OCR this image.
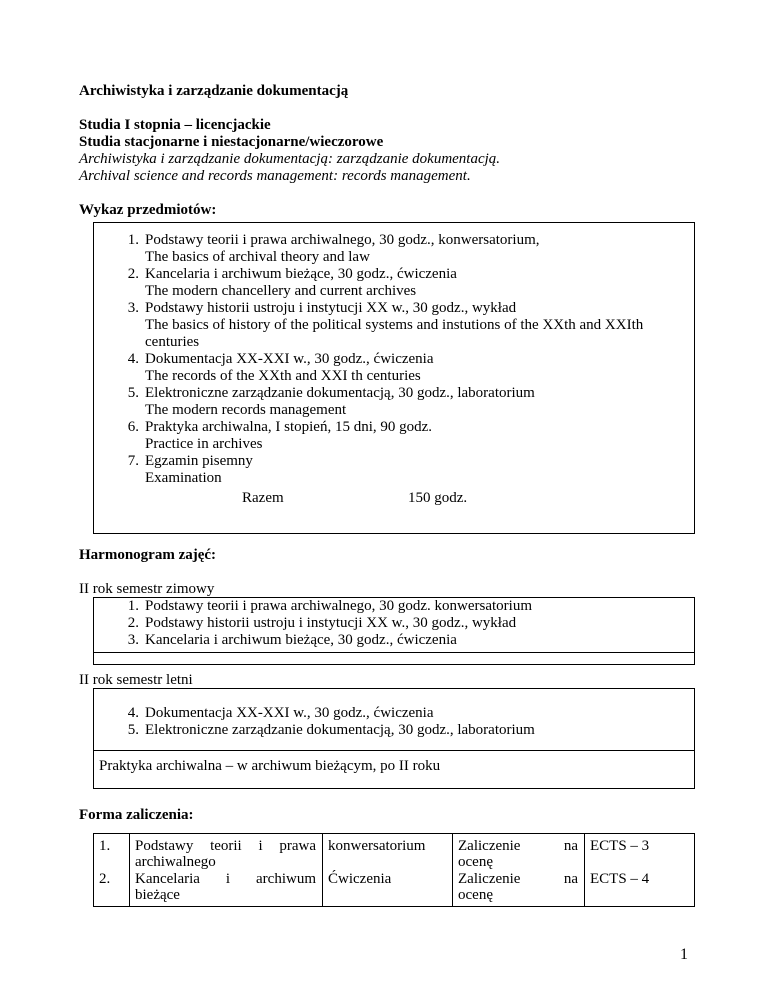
Archiwistyka i zarządzanie dokumentacją
Studia I stopnia – licencjackie
Studia stacjonarne i niestacjonarne/wieczorowe
Archiwistyka i zarządzanie dokumentacją: zarządzanie dokumentacją.
Archival science and records management: records management.
Wykaz przedmiotów:
1. Podstawy teorii i prawa archiwalnego, 30 godz., konwersatorium,
The basics of archival theory and law
2. Kancelaria i archiwum bieżące, 30 godz., ćwiczenia
The modern chancellery and current archives
3. Podstawy historii ustroju i instytucji XX w., 30 godz., wykład
The basics of history of the political systems and instutions of the XXth and XXIth
centuries
4. Dokumentacja XX-XXI w., 30 godz., ćwiczenia
The records of the XXth and XXI th centuries
5. Elektroniczne zarządzanie dokumentacją, 30 godz., laboratorium
The modern records management
6. Praktyka archiwalna, I stopień, 15 dni, 90 godz.
Practice in archives
7. Egzamin pisemny
Examination
Razem	150 godz.
Harmonogram zajęć:
II rok semestr zimowy
1. Podstawy teorii i prawa archiwalnego, 30 godz. konwersatorium
2. Podstawy historii ustroju i instytucji XX w., 30 godz., wykład
3. Kancelaria i archiwum bieżące, 30 godz., ćwiczenia
II rok semestr letni
4. Dokumentacja XX-XXI w., 30 godz., ćwiczenia
5. Elektroniczne zarządzanie dokumentacją, 30 godz., laboratorium
Praktyka archiwalna – w archiwum bieżącym, po II roku
Forma zaliczenia:
1. Podstawy teorii i prawa
archiwalnego
konwersatorium Zaliczenie na
ocenę
ECTS – 3
2. Kancelaria i archiwum
bieżące
Ćwiczenia	Zaliczenie na
ocenę
ECTS – 4
1
